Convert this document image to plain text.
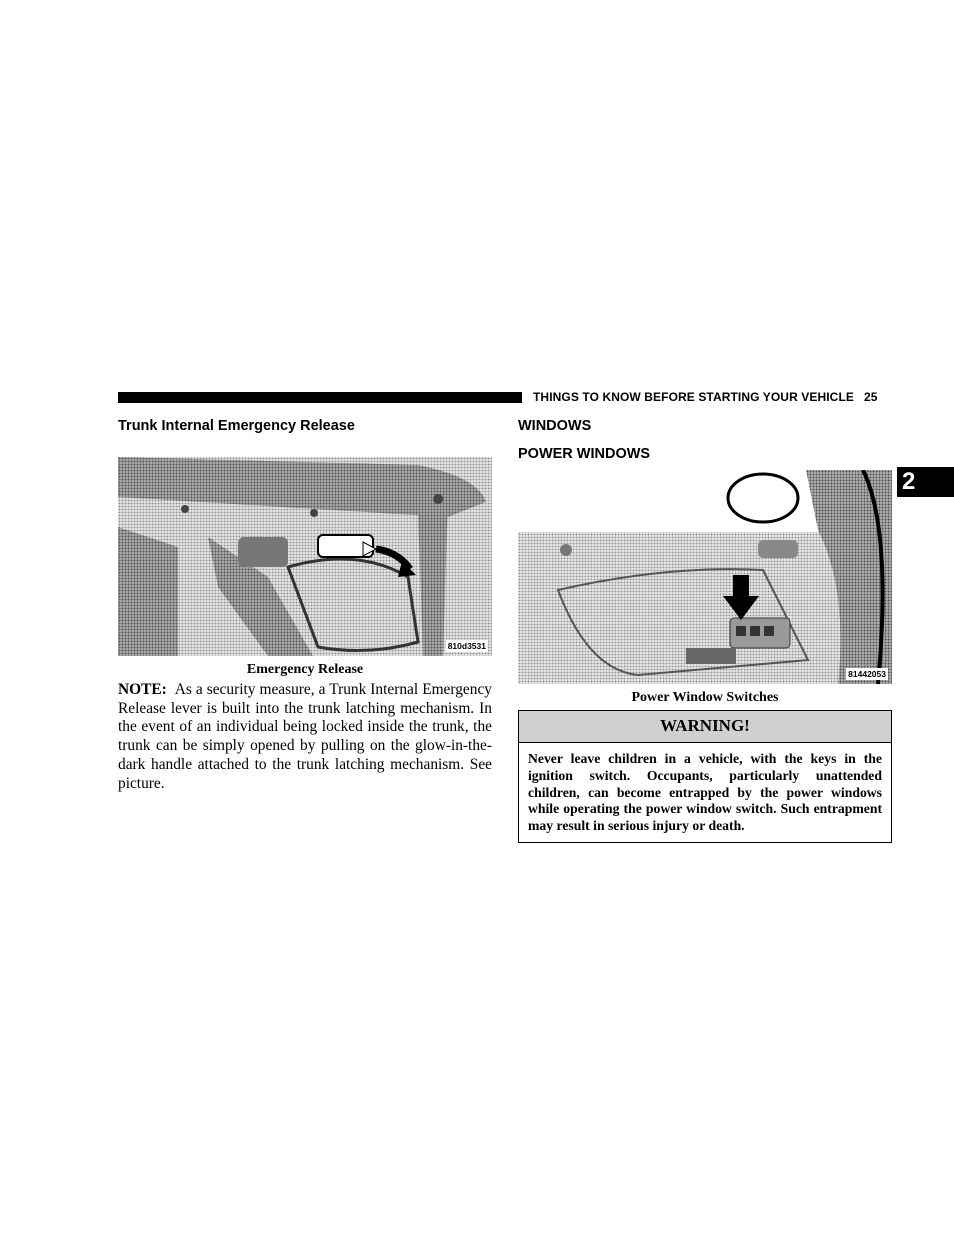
THINGS TO KNOW BEFORE STARTING YOUR VEHICLE 25
2
Trunk Internal Emergency Release
810d3531
Emergency Release
NOTE: As a security measure, a Trunk Internal Emergency Release lever is built into the trunk latching mechanism. In the event of an individual being locked inside the trunk, the trunk can be simply opened by pulling on the glow-in-the-dark handle attached to the trunk latching mechanism. See picture.
WINDOWS
POWER WINDOWS
81442053
Power Window Switches
WARNING!
Never leave children in a vehicle, with the keys in the ignition switch. Occupants, particularly unattended children, can become entrapped by the power windows while operating the power window switch. Such entrapment may result in serious injury or death.
